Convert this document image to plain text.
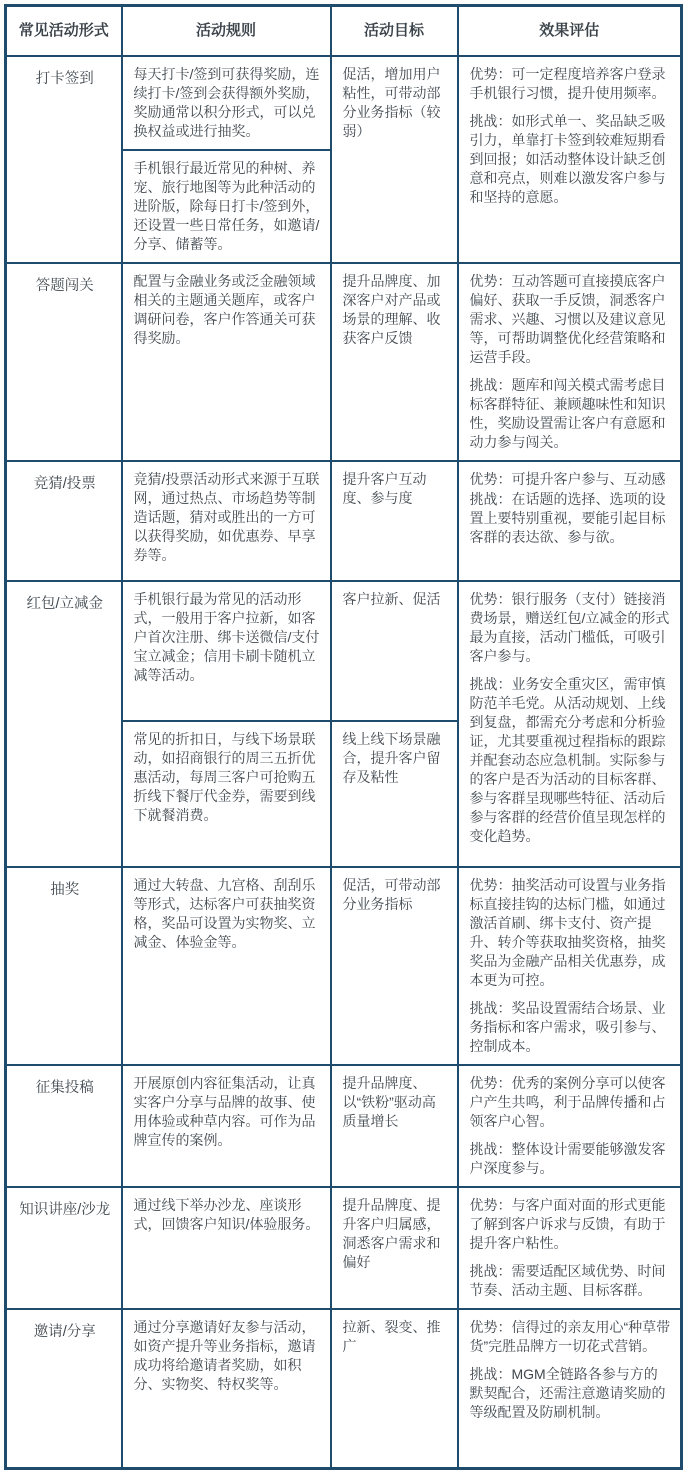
常见活动形式	活动规则	活动目标	效果评估
打卡签到	每天打卡/签到可获得奖励，连续打卡/签到会获得额外奖励，奖励通常以积分形式，可以兑换权益或进行抽奖。	促活，增加用户粘性，可带动部分业务指标（较弱）	优势：可一定程度培养客户登录手机银行习惯，提升使用频率。

挑战：如形式单一、奖品缺乏吸引力，单靠打卡签到较难短期看到回报；如活动整体设计缺乏创意和亮点，则难以激发客户参与和坚持的意愿。

	手机银行最近常见的种树、养宠、旅行地图等为此种活动的进阶版，除每日打卡/签到外，还设置一些日常任务，如邀请/分享、储蓄等。		

答题闯关	配置与金融业务或泛金融领域相关的主题通关题库，或客户调研问卷，客户作答通关可获得奖励。	提升品牌度、加深客户对产品或场景的理解、收获客户反馈	优势：互动答题可直接摸底客户偏好、获取一手反馈，洞悉客户需求、兴趣、习惯以及建议意见等，可帮助调整优化经营策略和运营手段。

挑战：题库和闯关模式需考虑目标客群特征、兼顾趣味性和知识性，奖励设置需让客户有意愿和动力参与闯关。

竞猜/投票	竞猜/投票活动形式来源于互联网，通过热点、市场趋势等制造话题，猜对或胜出的一方可以获得奖励，如优惠券、早享券等。	提升客户互动度、参与度	优势：可提升客户参与、互动感

挑战：在话题的选择、选项的设置上要特别重视，要能引起目标客群的表达欲、参与欲。

红包/立减金	手机银行最为常见的活动形式，一般用于客户拉新，如客户首次注册、绑卡送微信/支付宝立减金；信用卡刷卡随机立减等活动。	客户拉新、促活	优势：银行服务（支付）链接消费场景，赠送红包/立减金的形式最为直接，活动门槛低，可吸引客户参与。

挑战：业务安全重灾区，需审慎防范羊毛党。从活动规划、上线到复盘，都需充分考虑和分析验证，尤其要重视过程指标的跟踪并配套动态应急机制。实际参与的客户是否为活动的目标客群、参与客群呈现哪些特征、活动后参与客群的经营价值呈现怎样的变化趋势。

	常见的折扣日，与线下场景联动，如招商银行的周三五折优惠活动，每周三客户可抢购五折线下餐厅代金券，需要到线下就餐消费。	线上线下场景融合，提升客户留存及粘性	

抽奖	通过大转盘、九宫格、刮刮乐等形式，达标客户可获抽奖资格，奖品可设置为实物奖、立减金、体验金等。	促活，可带动部分业务指标	优势：抽奖活动可设置与业务指标直接挂钩的达标门槛，如通过激活首刷、绑卡支付、资产提升、转介等获取抽奖资格，抽奖奖品为金融产品相关优惠券，成本更为可控。

挑战：奖品设置需结合场景、业务指标和客户需求，吸引参与、控制成本。

征集投稿	开展原创内容征集活动，让真实客户分享与品牌的故事、使用体验或种草内容。可作为品牌宣传的案例。	提升品牌度、以“铁粉”驱动高质量增长	优势：优秀的案例分享可以使客户产生共鸣，利于品牌传播和占领客户心智。

挑战：整体设计需要能够激发客户深度参与。

知识讲座/沙龙	通过线下举办沙龙、座谈形式，回馈客户知识/体验服务。	提升品牌度、提升客户归属感，洞悉客户需求和偏好	优势：与客户面对面的形式更能了解到客户诉求与反馈，有助于提升客户粘性。

挑战：需要适配区域优势、时间节奏、活动主题、目标客群。

邀请/分享	通过分享邀请好友参与活动，如资产提升等业务指标，邀请成功将给邀请者奖励，如积分、实物奖、特权奖等。	拉新、裂变、推广	优势：信得过的亲友用心“种草带货”完胜品牌方一切花式营销。

挑战：MGM全链路各参与方的默契配合，还需注意邀请奖励的等级配置及防刷机制。
